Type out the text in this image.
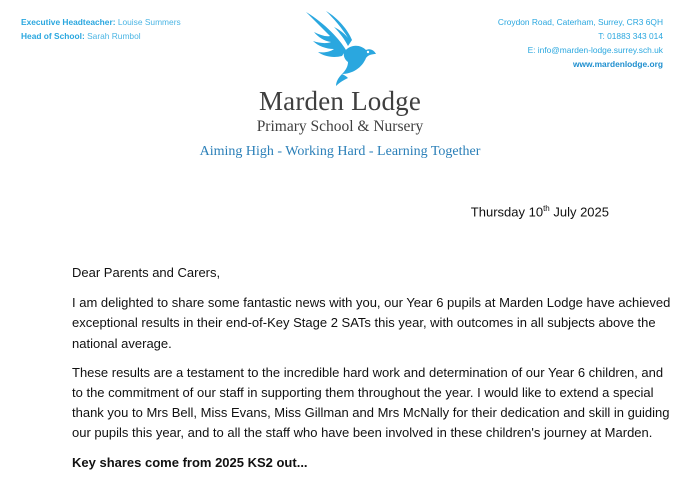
Executive Headteacher: Louise Summers
Head of School: Sarah Rumbol
Croydon Road, Caterham, Surrey, CR3 6QH
T: 01883 343 014
E: info@marden-lodge.surrey.sch.uk
www.mardenlodge.org
Marden Lodge
Primary School & Nursery
Aiming High - Working Hard - Learning Together
Thursday 10th July 2025

Dear Parents and Carers,

I am delighted to share some fantastic news with you, our Year 6 pupils at Marden Lodge have achieved exceptional results in their end-of-Key Stage 2 SATs this year, with outcomes in all subjects above the national average.

These results are a testament to the incredible hard work and determination of our Year 6 children, and to the commitment of our staff in supporting them throughout the year. I would like to extend a special thank you to Mrs Bell, Miss Evans, Miss Gillman and Mrs McNally for their dedication and skill in guiding our pupils this year, and to all the staff who have been involved in these children's journey at Marden.

Key shares come from 2025 KS2 out...
